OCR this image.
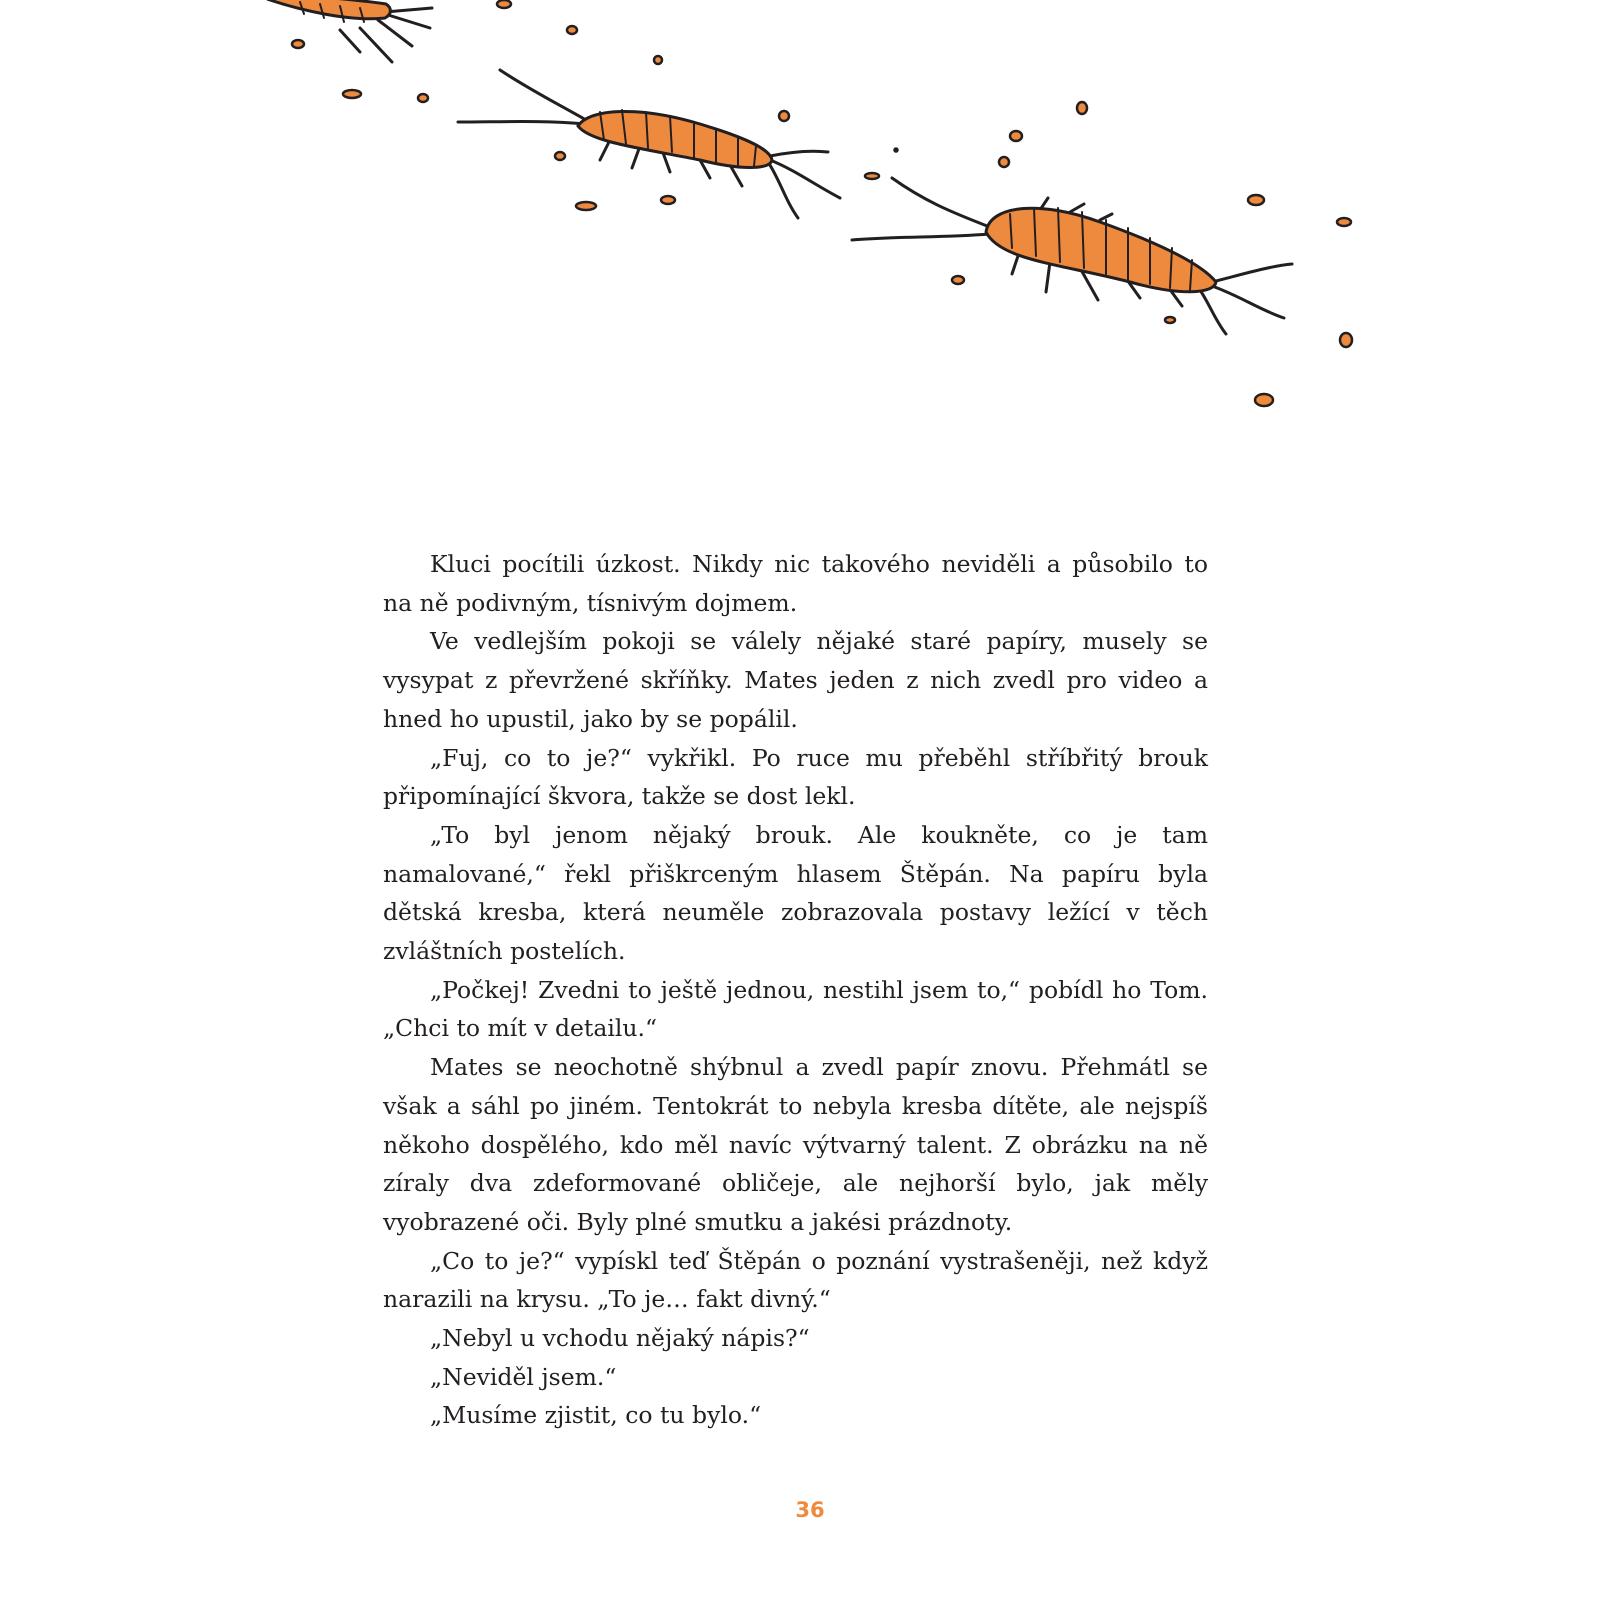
Kluci pocítili úzkost. Nikdy nic takového neviděli a působilo to na ně podivným, tísnivým dojmem.

Ve vedlejším pokoji se válely nějaké staré papíry, musely se vysypat z převržené skříňky. Mates jeden z nich zvedl pro video a hned ho upustil, jako by se popálil.

„Fuj, co to je?“ vykřikl. Po ruce mu přeběhl stříbřitý brouk připomínající škvora, takže se dost lekl.

„To byl jenom nějaký brouk. Ale koukněte, co je tam namalované,“ řekl přiškrceným hlasem Štěpán. Na papíru byla dětská kresba, která neuměle zobrazovala postavy ležící v těch zvláštních postelích.

„Počkej! Zvedni to ještě jednou, nestihl jsem to,“ pobídl ho Tom. „Chci to mít v detailu.“

Mates se neochotně shýbnul a zvedl papír znovu. Přehmátl se však a sáhl po jiném. Tentokrát to nebyla kresba dítěte, ale nejspíš někoho dospělého, kdo měl navíc výtvarný talent. Z obrázku na ně zíraly dva zdeformované obličeje, ale nejhorší bylo, jak měly vyobrazené oči. Byly plné smutku a jakési prázdnoty.

„Co to je?“ vypískl teď Štěpán o poznání vystrašeněji, než když narazili na krysu. „To je… fakt divný.“

„Nebyl u vchodu nějaký nápis?“

„Neviděl jsem.“

„Musíme zjistit, co tu bylo.“

36
